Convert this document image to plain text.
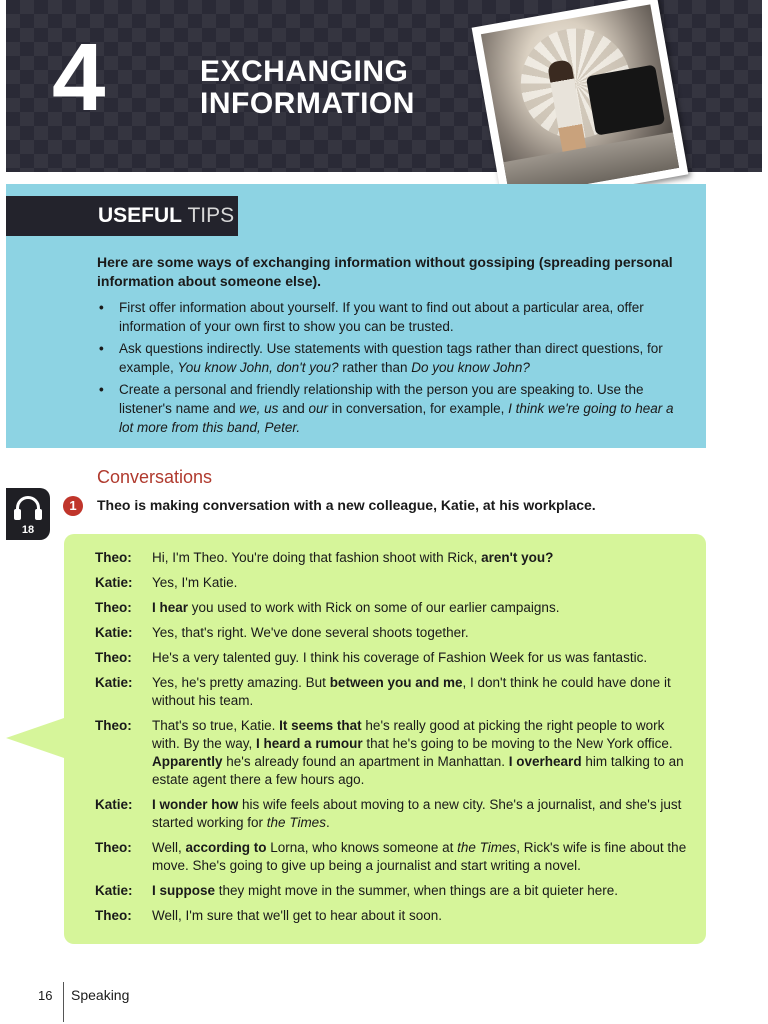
4	EXCHANGING
INFORMATION
USEFUL TIPS
Here are some ways of exchanging information without gossiping (spreading personal information about someone else).
• First offer information about yourself. If you want to find out about a particular area, offer information of your own first to show you can be trusted.
• Ask questions indirectly. Use statements with question tags rather than direct questions, for example, You know John, don't you? rather than Do you know John?
• Create a personal and friendly relationship with the person you are speaking to. Use the listener's name and we, us and our in conversation, for example, I think we're going to hear a lot more from this band, Peter.
Conversations
18
1	Theo is making conversation with a new colleague, Katie, at his workplace.
Theo:	Hi, I'm Theo. You're doing that fashion shoot with Rick, aren't you?
Katie:	Yes, I'm Katie.
Theo:	I hear you used to work with Rick on some of our earlier campaigns.
Katie:	Yes, that's right. We've done several shoots together.
Theo:	He's a very talented guy. I think his coverage of Fashion Week for us was fantastic.
Katie:	Yes, he's pretty amazing. But between you and me, I don't think he could have done it without his team.
Theo:	That's so true, Katie. It seems that he's really good at picking the right people to work with. By the way, I heard a rumour that he's going to be moving to the New York office. Apparently he's already found an apartment in Manhattan. I overheard him talking to an estate agent there a few hours ago.
Katie:	I wonder how his wife feels about moving to a new city. She's a journalist, and she's just started working for the Times.
Theo:	Well, according to Lorna, who knows someone at the Times, Rick's wife is fine about the move. She's going to give up being a journalist and start writing a novel.
Katie:	I suppose they might move in the summer, when things are a bit quieter here.
Theo:	Well, I'm sure that we'll get to hear about it soon.
16 Speaking
